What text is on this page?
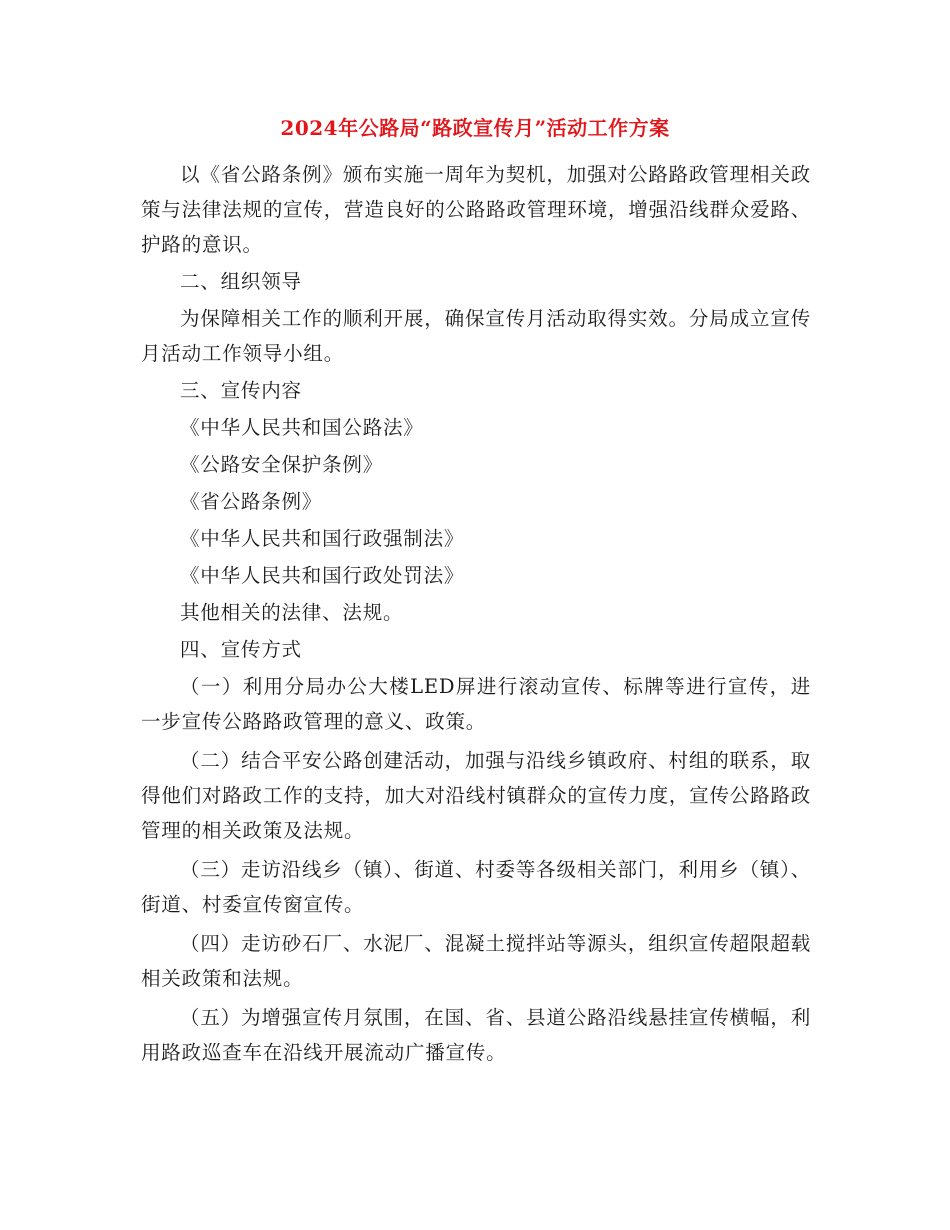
2024年公路局“路政宣传月”活动工作方案

以《省公路条例》颁布实施一周年为契机，加强对公路路政管理相关政策与法律法规的宣传，营造良好的公路路政管理环境，增强沿线群众爱路、护路的意识。

二、组织领导

为保障相关工作的顺利开展，确保宣传月活动取得实效。分局成立宣传月活动工作领导小组。

三、宣传内容

《中华人民共和国公路法》

《公路安全保护条例》

《省公路条例》

《中华人民共和国行政强制法》

《中华人民共和国行政处罚法》

其他相关的法律、法规。

四、宣传方式

（一）利用分局办公大楼LED屏进行滚动宣传、标牌等进行宣传，进一步宣传公路路政管理的意义、政策。

（二）结合平安公路创建活动，加强与沿线乡镇政府、村组的联系，取得他们对路政工作的支持，加大对沿线村镇群众的宣传力度，宣传公路路政管理的相关政策及法规。

（三）走访沿线乡（镇）、街道、村委等各级相关部门，利用乡（镇）、街道、村委宣传窗宣传。

（四）走访砂石厂、水泥厂、混凝土搅拌站等源头，组织宣传超限超载相关政策和法规。

（五）为增强宣传月氛围，在国、省、县道公路沿线悬挂宣传横幅，利用路政巡查车在沿线开展流动广播宣传。
